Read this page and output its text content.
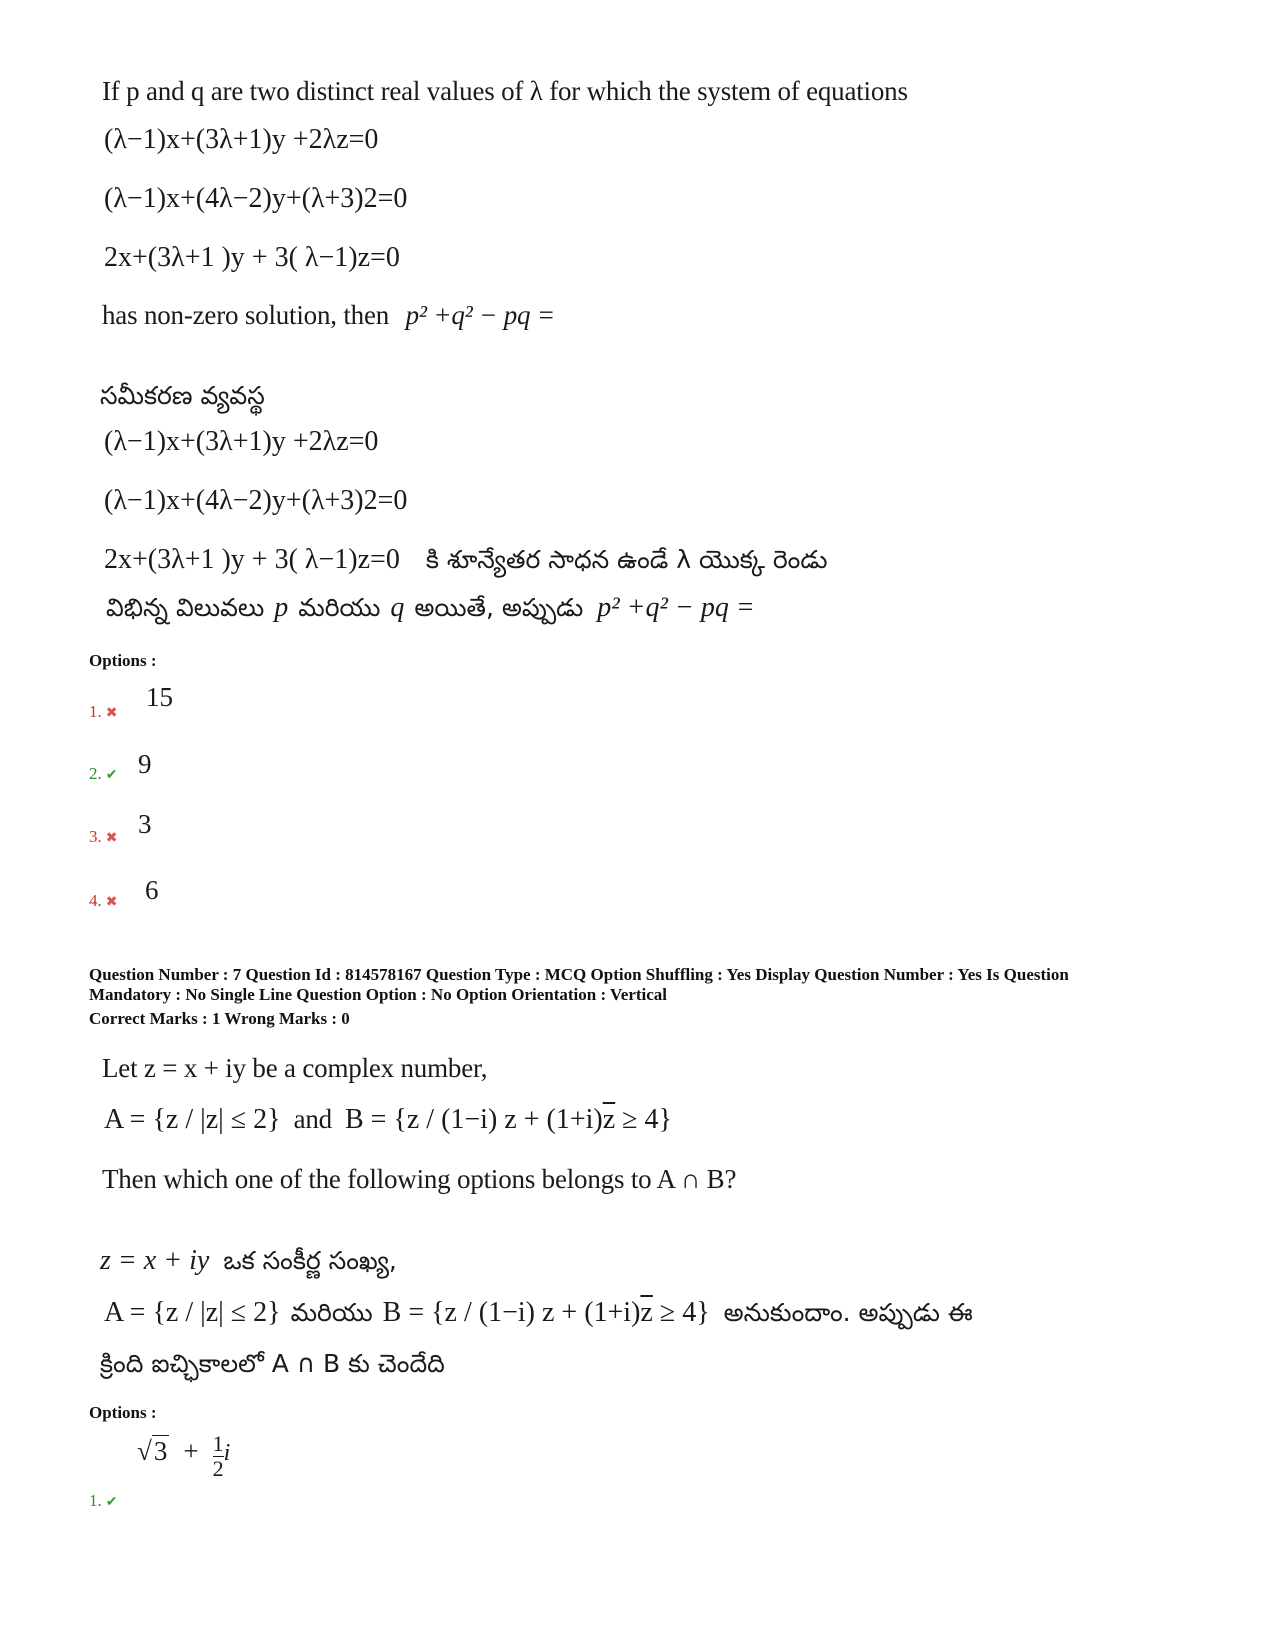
If p and q are two distinct real values of λ for which the system of equations
(λ−1)x+(3λ+1)y +2λz=0
(λ−1)x+(4λ−2)y+(λ+3)2=0
2x+(3λ+1 )y + 3( λ−1)z=0
has non-zero solution, then p² +q² − pq =
సమీకరణ వ్యవస్థ
(λ−1)x+(3λ+1)y +2λz=0
(λ−1)x+(4λ−2)y+(λ+3)2=0
2x+(3λ+1 )y + 3( λ−1)z=0 కి శూన్యేతర సాధన ఉండే λ యొక్క రెండు
విభిన్న విలువలు p మరియు q అయితే, అప్పుడు p² +q² − pq =
Options :
1. ✖
15
2. ✔ 9
3. ✖ 3
4. ✖ 6
Question Number : 7 Question Id : 814578167 Question Type : MCQ Option Shuffling : Yes Display Question Number : Yes Is Question
Mandatory : No Single Line Question Option : No Option Orientation : Vertical
Correct Marks : 1 Wrong Marks : 0
Let z = x + iy be a complex number,
A = {z / |z| ≤ 2} and B = {z / (1−i) $z + (1+i)\overline{z} \ge 4$}
Then which one of the following options belongs to A ∩ B?
z = x + iy ఒక సంకీర్ణ సంఖ్య,
A = {z / |z| ≤ 2} మరియు B = {z / (1−i) $z + (1+i)\overline{z} \ge 4$} అనుకుందాం. అప్పుడు ఈ
క్రింది ఐచ్ఛికాలలో A ∩ B కు చెందేది
Options :
$√3 + \frac{1}{2}$ i
1. ✔
